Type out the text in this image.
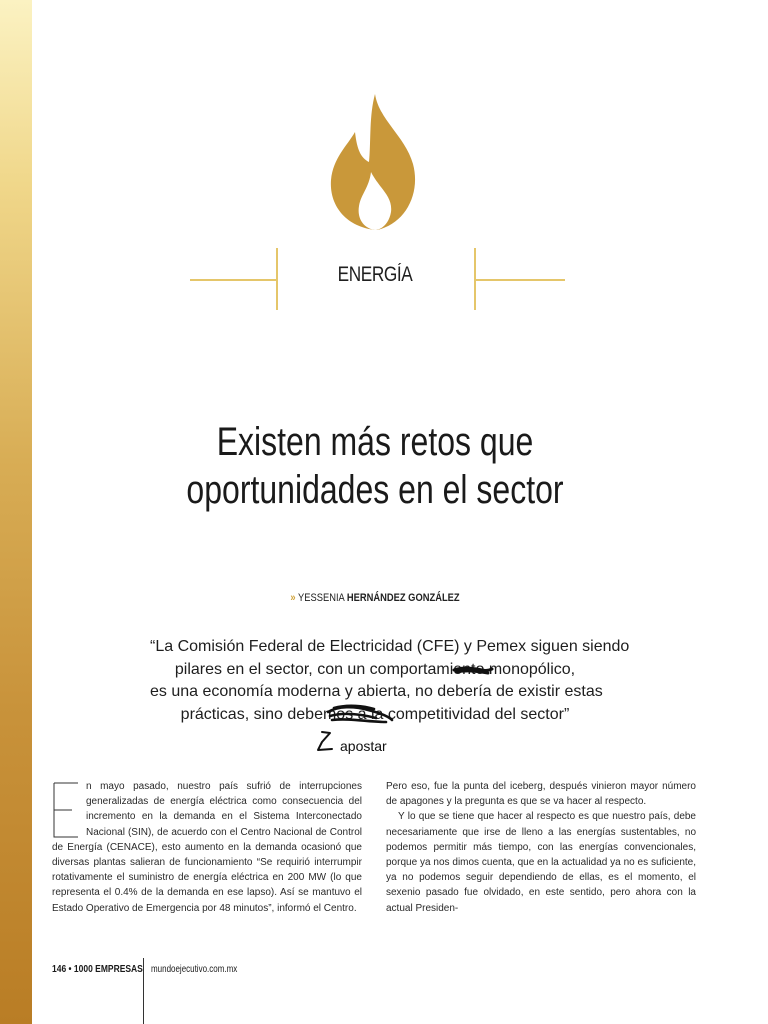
ENERGÍA
Existen más retos que
oportunidades en el sector
» YESSENIA HERNÁNDEZ GONZÁLEZ

“La Comisión Federal de Electricidad (CFE) y Pemex siguen siendo
pilares en el sector, con un comportamiento monopólico,
es una economía moderna y abierta, no debería de existir estas
prácticas, sino debemos a la competitividad del sector”

apostar

n mayo pasado, nuestro país sufrió de interrupciones generalizadas de energía eléctrica como consecuencia del incremento en la demanda en el Sistema Interconectado Nacional (SIN), de acuerdo con el Centro Nacional de Control de Energía (CENACE), esto aumento en la demanda ocasionó que diversas plantas salieran de funcionamiento “Se requirió interrumpir rotativamente el suministro de energía eléctrica en 200 MW (lo que representa el 0.4% de la demanda en ese lapso). Así se mantuvo el Estado Operativo de Emergencia por 48 minutos”, informó el Centro.

Pero eso, fue la punta del iceberg, después vinieron mayor número de apagones y la pregunta es que se va hacer al respecto.

Y lo que se tiene que hacer al respecto es que nuestro país, debe necesariamente que irse de lleno a las energías sustentables, no podemos permitir más tiempo, con las energías convencionales, porque ya nos dimos cuenta, que en la actualidad ya no es suficiente, ya no podemos seguir dependiendo de ellas, es el momento, el sexenio pasado fue olvidado, en este sentido, pero ahora con la actual Presiden-

146 • 1000 EMPRESAS mundoejecutivo.com.mx
